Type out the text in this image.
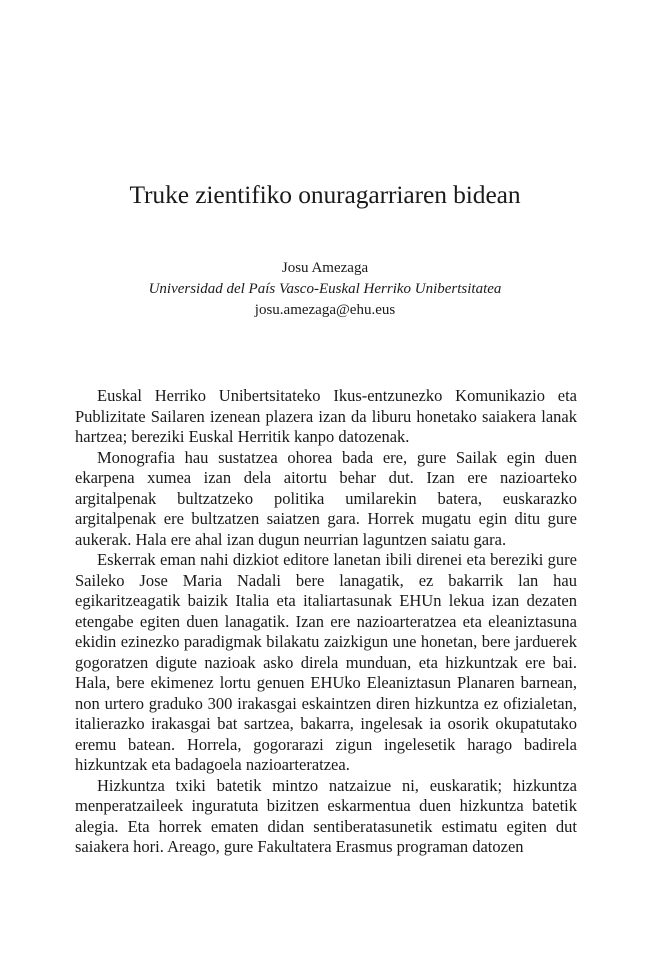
Truke zientifiko onuragarriaren bidean
Josu Amezaga
Universidad del País Vasco-Euskal Herriko Unibertsitatea
josu.amezaga@ehu.eus

Euskal Herriko Unibertsitateko Ikus-entzunezko Komunikazio eta Publizitate Sailaren izenean plazera izan da liburu honetako saiakera lanak hartzea; bereziki Euskal Herritik kanpo datozenak.

Monografia hau sustatzea ohorea bada ere, gure Sailak egin duen ekarpena xumea izan dela aitortu behar dut. Izan ere nazioarteko argitalpenak bultzatzeko politika umilarekin batera, euskarazko argitalpenak ere bultzatzen saiatzen gara. Horrek mugatu egin ditu gure aukerak. Hala ere ahal izan dugun neurrian laguntzen saiatu gara.

Eskerrak eman nahi dizkiot editore lanetan ibili direnei eta bereziki gure Saileko Jose Maria Nadali bere lanagatik, ez bakarrik lan hau egikaritzeagatik baizik Italia eta italiartasunak EHUn lekua izan dezaten etengabe egiten duen lanagatik. Izan ere nazioarteratzea eta eleaniztasuna ekidin ezinezko paradigmak bilakatu zaizkigun une honetan, bere jarduerek gogoratzen digute nazioak asko direla munduan, eta hizkuntzak ere bai. Hala, bere ekimenez lortu genuen EHUko Eleaniztasun Planaren barnean, non urtero graduko 300 irakasgai eskaintzen diren hizkuntza ez ofizialetan, italierazko irakasgai bat sartzea, bakarra, ingelesak ia osorik okupatutako eremu batean. Horrela, gogorarazi zigun ingelesetik harago badirela hizkuntzak eta badagoela nazioarteratzea.

Hizkuntza txiki batetik mintzo natzaizue ni, euskaratik; hizkuntza menperatzaileek inguratuta bizitzen eskarmentua duen hizkuntza batetik alegia. Eta horrek ematen didan sentiberatasunetik estimatu egiten dut saiakera hori. Areago, gure Fakultatera Erasmus programan datozen
